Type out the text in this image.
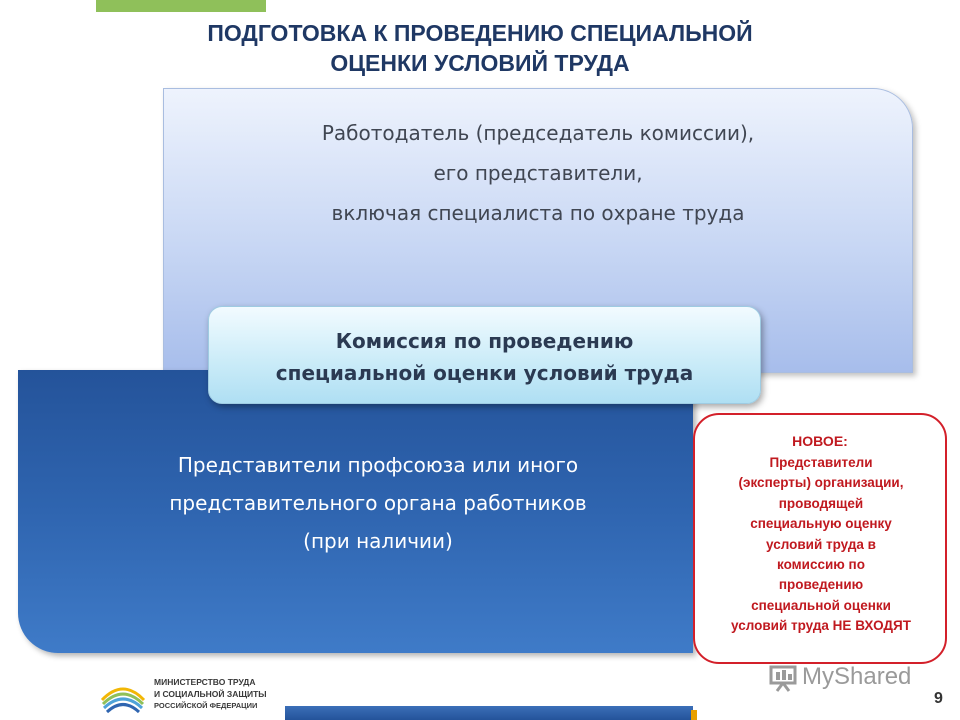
ПОДГОТОВКА К ПРОВЕДЕНИЮ СПЕЦИАЛЬНОЙ
ОЦЕНКИ УСЛОВИЙ ТРУДА
Работодатель (председатель комиссии),
его представители,
включая специалиста по охране труда
Представители профсоюза или иного
представительного органа работников
(при наличии)
Комиссия по проведению
специальной оценки условий труда
НОВОЕ:
Представители
(эксперты) организации,
проводящей
специальную оценку
условий труда в
комиссию по
проведению
специальной оценки
условий труда НЕ ВХОДЯТ
МИНИСТЕРСТВО ТРУДА
И СОЦИАЛЬНОЙ ЗАЩИТЫ
РОССИЙСКОЙ ФЕДЕРАЦИИ
MyShared
9
